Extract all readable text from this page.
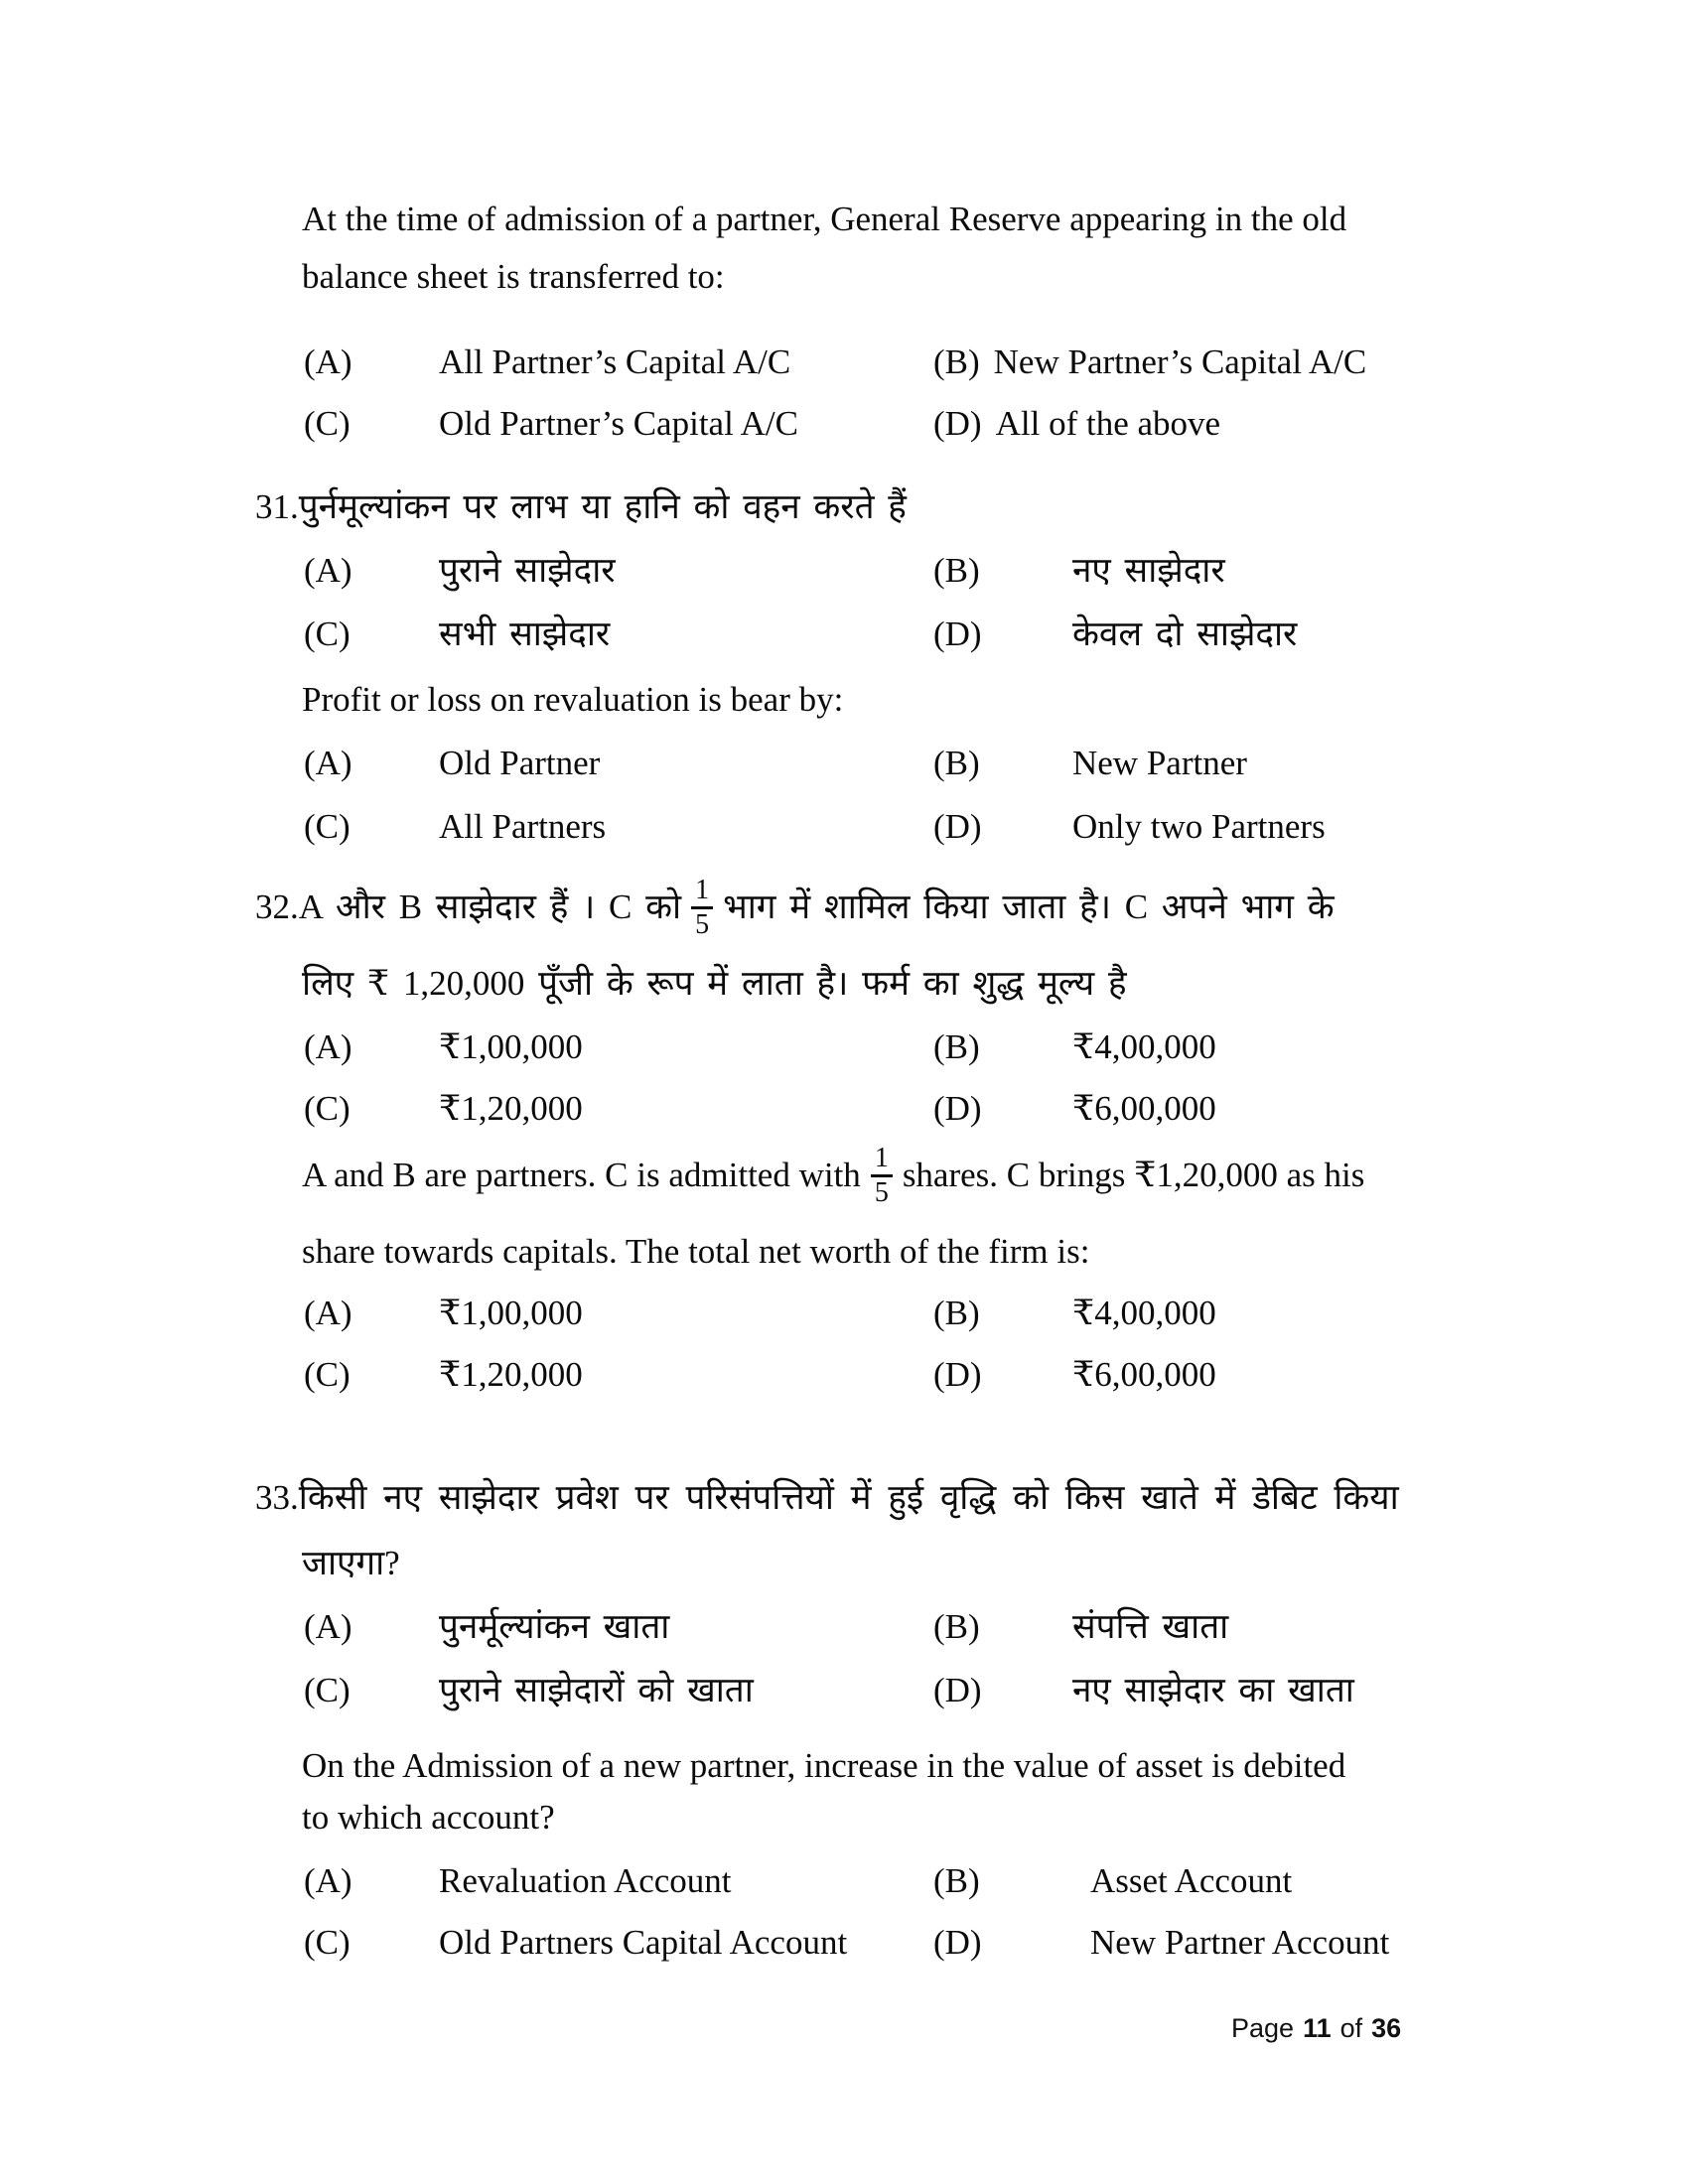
At the time of admission of a partner, General Reserve appearing in the old
balance sheet is transferred to:
(A)	All Partner’s Capital A/C	(B) New Partner’s Capital A/C
(C)	Old Partner’s Capital A/C	(D) All of the above
31.पुर्नमूल्यांकन पर लाभ या हानि को वहन करते हैं
(A)	पुराने साझेदार	(B)	नए साझेदार
(C)	सभी साझेदार	(D)	केवल दो साझेदार
Profit or loss on revaluation is bear by:
(A)	Old Partner	(B)	New Partner
(C)	All Partners	(D)	Only two Partners
32. A और B साझेदार हैं । C को $\frac{1}{5}$ भाग में शामिल किया जाता है। C अपने भाग के
लिए ₹ 1,20,000 पूँजी के रूप में लाता है। फर्म का शुद्ध मूल्य है
(A)	₹1,00,000	(B)	₹4,00,000
(C)	₹1,20,000	(D)	₹6,00,000
A and B are partners. C is admitted with $\frac{1}{5}$ shares. C brings ₹1,20,000 as his
share towards capitals. The total net worth of the firm is:
(A)	₹1,00,000	(B)	₹4,00,000
(C)	₹1,20,000	(D)	₹6,00,000
33.किसी नए साझेदार प्रवेश पर परिसंपत्तियों में हुई वृद्धि को किस खाते में डेबिट किया
जाएगा?
(A)	पुनर्मूल्यांकन खाता	(B)	संपत्ति खाता
(C)	पुराने साझेदारों को खाता	(D)	नए साझेदार का खाता
On the Admission of a new partner, increase in the value of asset is debited
to which account?
(A)	Revaluation Account	(B)	Asset Account
(C)	Old Partners Capital Account	(D)	New Partner Account
Page 11 of 36
